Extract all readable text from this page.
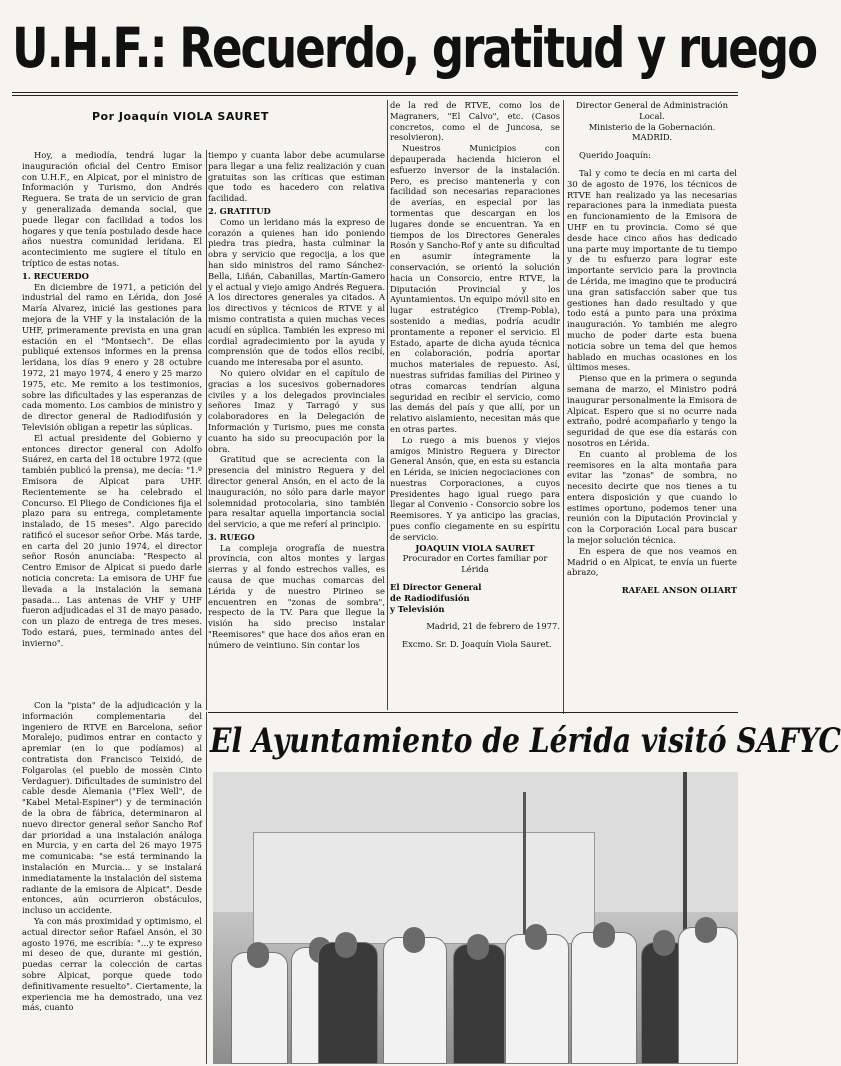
U.H.F.: Recuerdo, gratitud y ruego
Por Joaquín VIOLA SAURET

Hoy, a mediodía, tendrá lugar la inauguración oficial del Centro Emisor con U.H.F., en Alpicat, por el ministro de Información y Turismo, don Andrés Reguera. Se trata de un servicio de gran y generalizada demanda social, que puede llegar con facilidad a todos los hogares y que tenía postulado desde hace años nuestra comunidad leridana. El acontecimiento me sugiere el título en tríptico de estas notas.

1. RECUERDO

En diciembre de 1971, a petición del industrial del ramo en Lérida, don José María Alvarez, inicié las gestiones para mejora de la VHF y la instalación de la UHF, primeramente prevista en una gran estación en el "Montsech". De ellas publiqué extensos informes en la prensa leridana, los días 9 enero y 28 octubre 1972, 21 mayo 1974, 4 enero y 25 marzo 1975, etc. Me remito a los testimonios, sobre las dificultades y las esperanzas de cada momento. Los cambios de ministro y de director general de Radiodifusión y Televisión obligan a repetir las súplicas.

El actual presidente del Gobierno y entonces director general con Adolfo Suárez, en carta del 18 octubre 1972 (que también publicó la prensa), me decía: "1.º Emisora de Alpicat para UHF. Recientemente se ha celebrado el Concurso. El Pliego de Condiciones fija el plazo para su entrega, completamente instalado, de 15 meses". Algo parecido ratificó el sucesor señor Orbe. Más tarde, en carta del 20 junio 1974, el director señor Rosón anunciaba: "Respecto al Centro Emisor de Alpicat si puedo darle noticia concreta: La emisora de UHF fue llevada a la instalación la semana pasada... Las antenas de VHF y UHF fueron adjudicadas el 31 de mayo pasado, con un plazo de entrega de tres meses. Todo estará, pues, terminado antes del invierno".

Con la "pista" de la adjudicación y la información complementaria del ingeniero de RTVE en Barcelona, señor Moralejo, pudimos entrar en contacto y apremiar (en lo que podíamos) al contratista don Francisco Teixidó, de Folgarolas (el pueblo de mossèn Cinto Verdaguer). Dificultades de suministro del cable desde Alemania ("Flex Well", de "Kabel Metal-Espiner") y de terminación de la obra de fábrica, determinaron al nuevo director general señor Sancho Rof dar prioridad a una instalación análoga en Murcia, y en carta del 26 mayo 1975 me comunicaba: "se está terminando la instalación en Murcia... y se instalará inmediatamente la instalación del sistema radiante de la emisora de Alpicat". Desde entonces, aún ocurrieron obstáculos, incluso un accidente.

Ya con más proximidad y optimismo, el actual director señor Rafael Ansón, el 30 agosto 1976, me escribía: "...y te expreso mi deseo de que, durante mi gestión, puedas cerrar la colección de cartas sobre Alpicat, porque quede todo definitivamente resuelto". Ciertamente, la experiencia me ha demostrado, una vez más, cuanto

tiempo y cuanta labor debe acumularse para llegar a una feliz realización y cuan gratuitas son las críticas que estiman que todo es hacedero con relativa facilidad.

2. GRATITUD

Como un leridano más la expreso de corazón a quienes han ido poniendo piedra tras piedra, hasta culminar la obra y servicio que regocija, a los que han sido ministros del ramo Sánchez-Bella, Liñán, Cabanillas, Martín-Gamero y el actual y viejo amigo Andrés Reguera. A los directores generales ya citados. A los directivos y técnicos de RTVE y al mismo contratista a quien muchas veces acudí en súplica. También les expreso mi cordial agradecimiento por la ayuda y comprensión que de todos ellos recibí, cuando me interesaba por el asunto.

No quiero olvidar en el capítulo de gracias a los sucesivos gobernadores civiles y a los delegados provinciales señores Imaz y Tarragó y sus colaboradores en la Delegación de Información y Turismo, pues me consta cuanto ha sido su preocupación por la obra.

Gratitud que se acrecienta con la presencia del ministro Reguera y del director general Ansón, en el acto de la inauguración, no sólo para darle mayor solemnidad protocolaria, sino también para resaltar aquella importancia social del servicio, a que me referí al principio.

3. RUEGO

La compleja orografía de nuestra provincia, con altos montes y largas sierras y al fondo estrechos valles, es causa de que muchas comarcas del Lérida y de nuestro Pirineo se encuentren en "zonas de sombra", respecto de la TV. Para que llegue la visión ha sido preciso instalar "Reemisores" que hace dos años eran en número de veintiuno. Sin contar los

de la red de RTVE, como los de Magraners, "El Calvo", etc. (Casos concretos, como el de Juncosa, se resolvieron).

Nuestros Municipios con depauperada hacienda hicieron el esfuerzo inversor de la instalación. Pero, es preciso mantenerla y con facilidad son necesarias reparaciones de averías, en especial por las tormentas que descargan en los lugares donde se encuentran. Ya en tiempos de los Directores Generales Rosón y Sancho-Rof y ante su dificultad en asumir íntegramente la conservación, se orientó la solución hacia un Consorcio, entre RTVE, la Diputación Provincial y los Ayuntamientos. Un equipo móvil sito en lugar estratégico (Tremp-Pobla), sostenido a medias, podría acudir prontamente a reponer el servicio. El Estado, aparte de dicha ayuda técnica en colaboración, podría aportar muchos materiales de repuesto. Así, nuestras sufridas familias del Pirineo y otras comarcas tendrían alguna seguridad en recibir el servicio, como las demás del país y que allí, por un relativo aislamiento, necesitan más que en otras partes.

Lo ruego a mis buenos y viejos amigos Ministro Reguera y Director General Ansón, que, en esta su estancia en Lérida, se inicien negociaciones con nuestras Corporaciones, a cuyos Presidentes hago igual ruego para llegar al Convenio - Consorcio sobre los Reemisores. Y ya anticipo las gracias, pues confío ciegamente en su espíritu de servicio.

JOAQUIN VIOLA SAURET

Procurador en Cortes familiar por Lérida

El Director General

de Radiodifusión

y Televisión

Madrid, 21 de febrero de 1977.

Excmo. Sr. D. Joaquín Viola Sauret.

Director General de Administración Local.

Ministerio de la Gobernación.

MADRID.

Querido Joaquín:

Tal y como te decía en mi carta del 30 de agosto de 1976, los técnicos de RTVE han realizado ya las necesarias reparaciones para la inmediata puesta en funcionamiento de la Emisora de UHF en tu provincia. Como sé que desde hace cinco años has dedicado una parte muy importante de tu tiempo y de tu esfuerzo para lograr este importante servicio para la provincia de Lérida, me imagino que te producirá una gran satisfacción saber que tus gestiones han dado resultado y que todo está a punto para una próxima inauguración. Yo también me alegro mucho de poder darte esta buena noticia sobre un tema del que hemos hablado en muchas ocasiones en los últimos meses.

Pienso que en la primera o segunda semana de marzo, el Ministro podrá inaugurar personalmente la Emisora de Alpicat. Espero que si no ocurre nada extraño, podré acompañarlo y tengo la seguridad de que ese día estarás con nosotros en Lérida.

En cuanto al problema de los reemisores en la alta montaña para evitar las "zonas" de sombra, no necesito decirte que nos tienes a tu entera disposición y que cuando lo estimes oportuno, podemos tener una reunión con la Diputación Provincial y con la Corporación Local para buscar la mejor solución técnica.

En espera de que nos veamos en Madrid o en Alpicat, te envía un fuerte abrazo,

RAFAEL ANSON OLIART

El Ayuntamiento de Lérida visitó SAFYC
